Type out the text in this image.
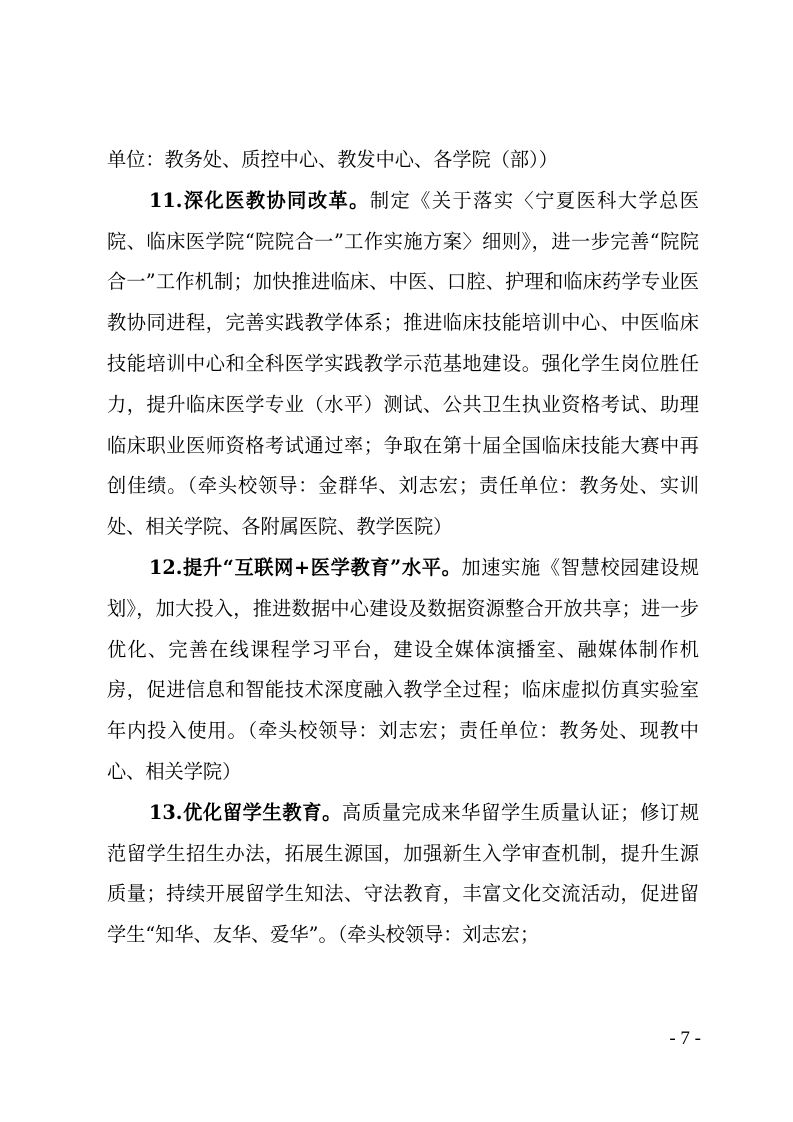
单位：教务处、质控中心、教发中心、各学院（部））

11.深化医教协同改革。制定《关于落实〈宁夏医科大学总医院、临床医学院“院院合一”工作实施方案〉细则》，进一步完善“院院合一”工作机制；加快推进临床、中医、口腔、护理和临床药学专业医教协同进程，完善实践教学体系；推进临床技能培训中心、中医临床技能培训中心和全科医学实践教学示范基地建设。强化学生岗位胜任力，提升临床医学专业（水平）测试、公共卫生执业资格考试、助理临床职业医师资格考试通过率；争取在第十届全国临床技能大赛中再创佳绩。（牵头校领导：金群华、刘志宏；责任单位：教务处、实训处、相关学院、各附属医院、教学医院）

12.提升“互联网+医学教育”水平。加速实施《智慧校园建设规划》，加大投入，推进数据中心建设及数据资源整合开放共享；进一步优化、完善在线课程学习平台，建设全媒体演播室、融媒体制作机房，促进信息和智能技术深度融入教学全过程；临床虚拟仿真实验室年内投入使用。（牵头校领导：刘志宏；责任单位：教务处、现教中心、相关学院）

13.优化留学生教育。高质量完成来华留学生质量认证；修订规范留学生招生办法，拓展生源国，加强新生入学审查机制，提升生源质量；持续开展留学生知法、守法教育，丰富文化交流活动，促进留学生“知华、友华、爱华”。（牵头校领导：刘志宏；

- 7 -
